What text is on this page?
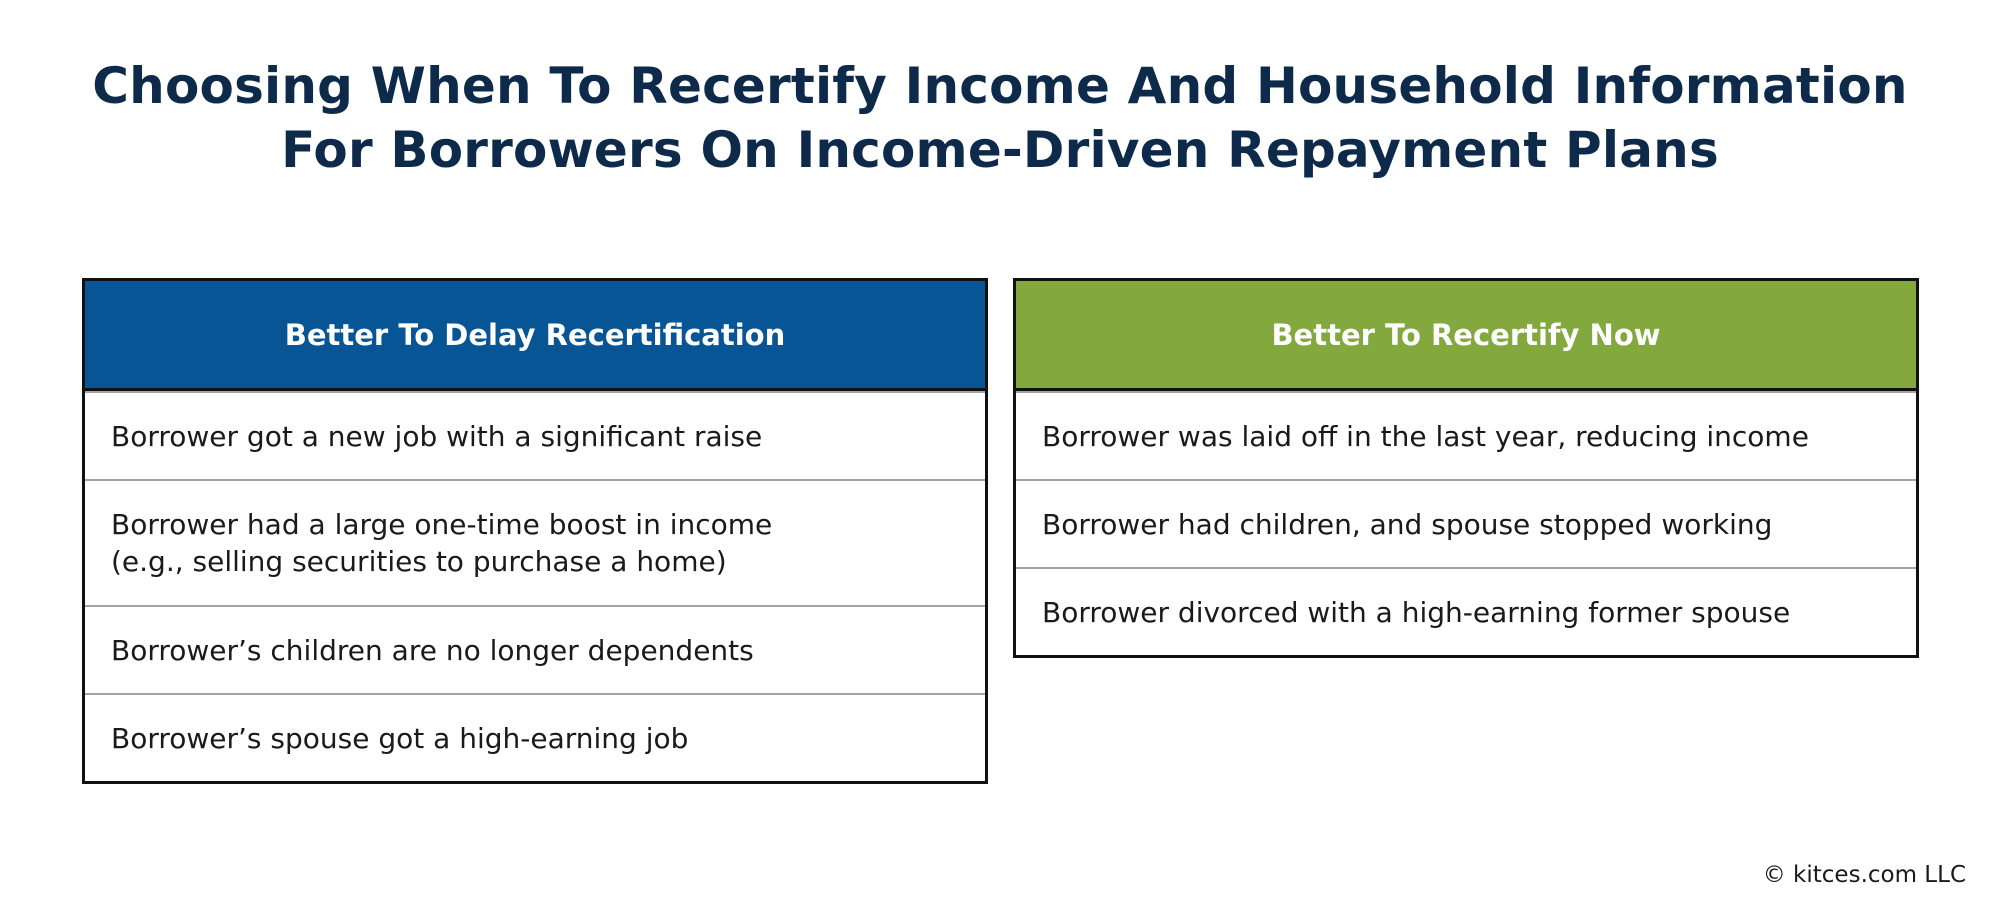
Choosing When To Recertify Income And Household Information
For Borrowers On Income-Driven Repayment Plans
Better To Delay Recertification
Borrower got a new job with a significant raise
Borrower had a large one-time boost in income
(e.g., selling securities to purchase a home)
Borrower’s children are no longer dependents
Borrower’s spouse got a high-earning job
Better To Recertify Now
Borrower was laid off in the last year, reducing income
Borrower had children, and spouse stopped working
Borrower divorced with a high-earning former spouse
© kitces.com LLC
